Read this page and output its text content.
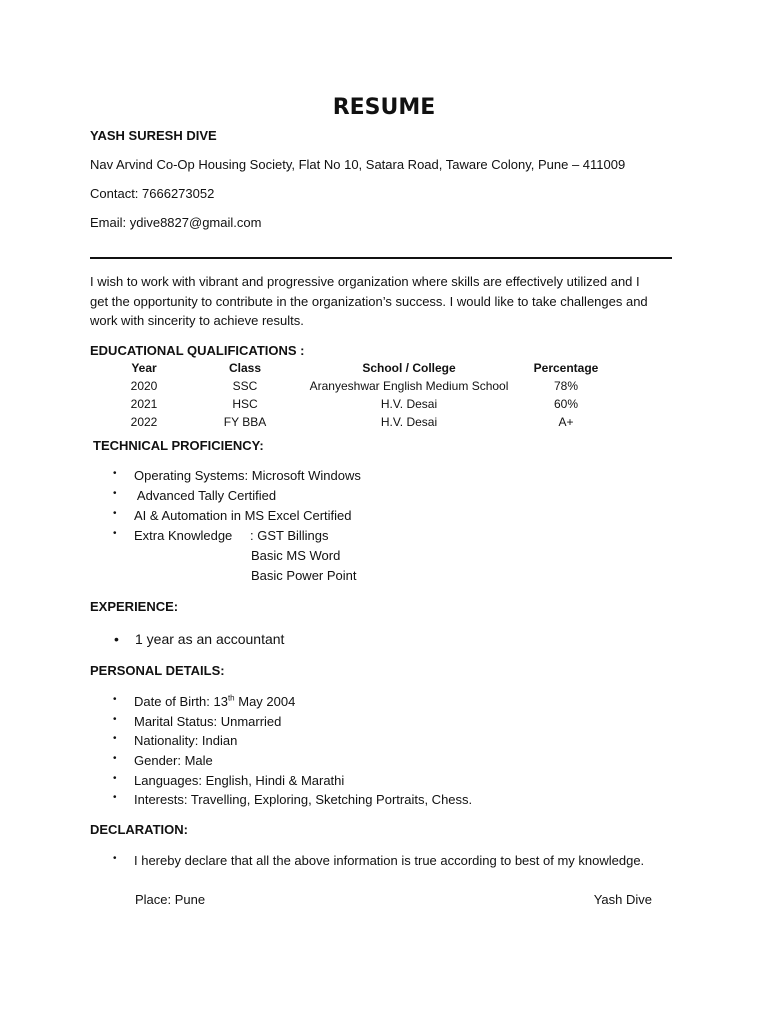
RESUME
YASH SURESH DIVE
Nav Arvind Co-Op Housing Society, Flat No 10, Satara Road, Taware Colony, Pune – 411009
Contact: 7666273052
Email: ydive8827@gmail.com
I wish to work with vibrant and progressive organization where skills are effectively utilized and I get the opportunity to contribute in the organization’s success. I would like to take challenges and work with sincerity to achieve results.
EDUCATIONAL QUALIFICATIONS :
Year	Class	School / College	Percentage
2020	SSC	Aranyeshwar English Medium School	78%
2021	HSC	H.V. Desai	60%
2022	FY BBA	H.V. Desai	A+
TECHNICAL PROFICIENCY:
• Operating Systems: Microsoft Windows
• Advanced Tally Certified
• AI & Automation in MS Excel Certified
• Extra Knowledge	: GST Billings
Basic MS Word
Basic Power Point
EXPERIENCE:
• 1 year as an accountant
PERSONAL DETAILS:
• Date of Birth: 13th May 2004
• Marital Status: Unmarried
• Nationality: Indian
• Gender: Male
• Languages: English, Hindi & Marathi
• Interests: Travelling, Exploring, Sketching Portraits, Chess.
DECLARATION:
• I hereby declare that all the above information is true according to best of my knowledge.
Place: Pune	Yash Dive
